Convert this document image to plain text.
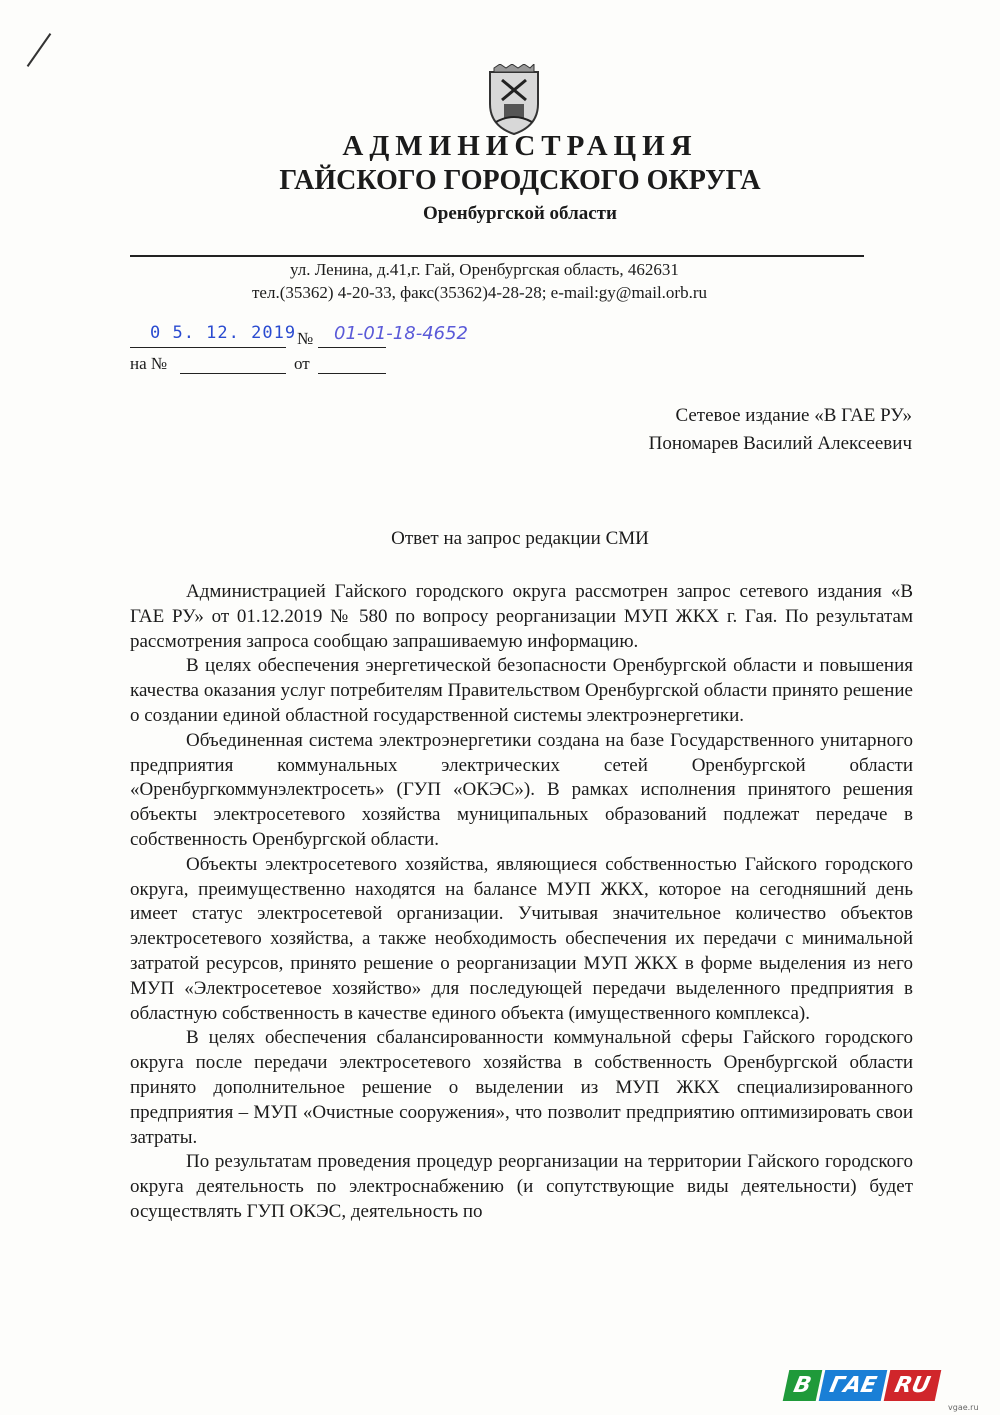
АДМИНИСТРАЦИЯ
ГАЙСКОГО ГОРОДСКОГО ОКРУГА
Оренбургской области
ул. Ленина, д.41,г. Гай, Оренбургская область, 462631
тел.(35362) 4-20-33, факс(35362)4-28-28; e-mail:gy@mail.orb.ru
0 5. 12. 2019 № 01-01-18-4652
на №	от
Сетевое издание «В ГАЕ РУ»
Пономарев Василий Алексеевич
Ответ на запрос редакции СМИ

Администрацией Гайского городского округа рассмотрен запрос сетевого издания «В ГАЕ РУ» от 01.12.2019 № 580 по вопросу реорганизации МУП ЖКХ г. Гая. По результатам рассмотрения запроса сообщаю запрашиваемую информацию.

В целях обеспечения энергетической безопасности Оренбургской области и повышения качества оказания услуг потребителям Правительством Оренбургской области принято решение о создании единой областной государственной системы электроэнергетики.

Объединенная система электроэнергетики создана на базе Государственного унитарного предприятия коммунальных электрических сетей Оренбургской области «Оренбургкоммунэлектросеть» (ГУП «ОКЭС»). В рамках исполнения принятого решения объекты электросетевого хозяйства муниципальных образований подлежат передаче в собственность Оренбургской области.

Объекты электросетевого хозяйства, являющиеся собственностью Гайского городского округа, преимущественно находятся на балансе МУП ЖКХ, которое на сегодняшний день имеет статус электросетевой организации. Учитывая значительное количество объектов электросетевого хозяйства, а также необходимость обеспечения их передачи с минимальной затратой ресурсов, принято решение о реорганизации МУП ЖКХ в форме выделения из него МУП «Электросетевое хозяйство» для последующей передачи выделенного предприятия в областную собственность в качестве единого объекта (имущественного комплекса).

В целях обеспечения сбалансированности коммунальной сферы Гайского городского округа после передачи электросетевого хозяйства в собственность Оренбургской области принято дополнительное решение о выделении из МУП ЖКХ специализированного предприятия – МУП «Очистные сооружения», что позволит предприятию оптимизировать свои затраты.

По результатам проведения процедур реорганизации на территории Гайского городского округа деятельность по электроснабжению (и сопутствующие виды деятельности) будет осуществлять ГУП ОКЭС, деятельность по

В ГАЕ RU
vgae.ru
